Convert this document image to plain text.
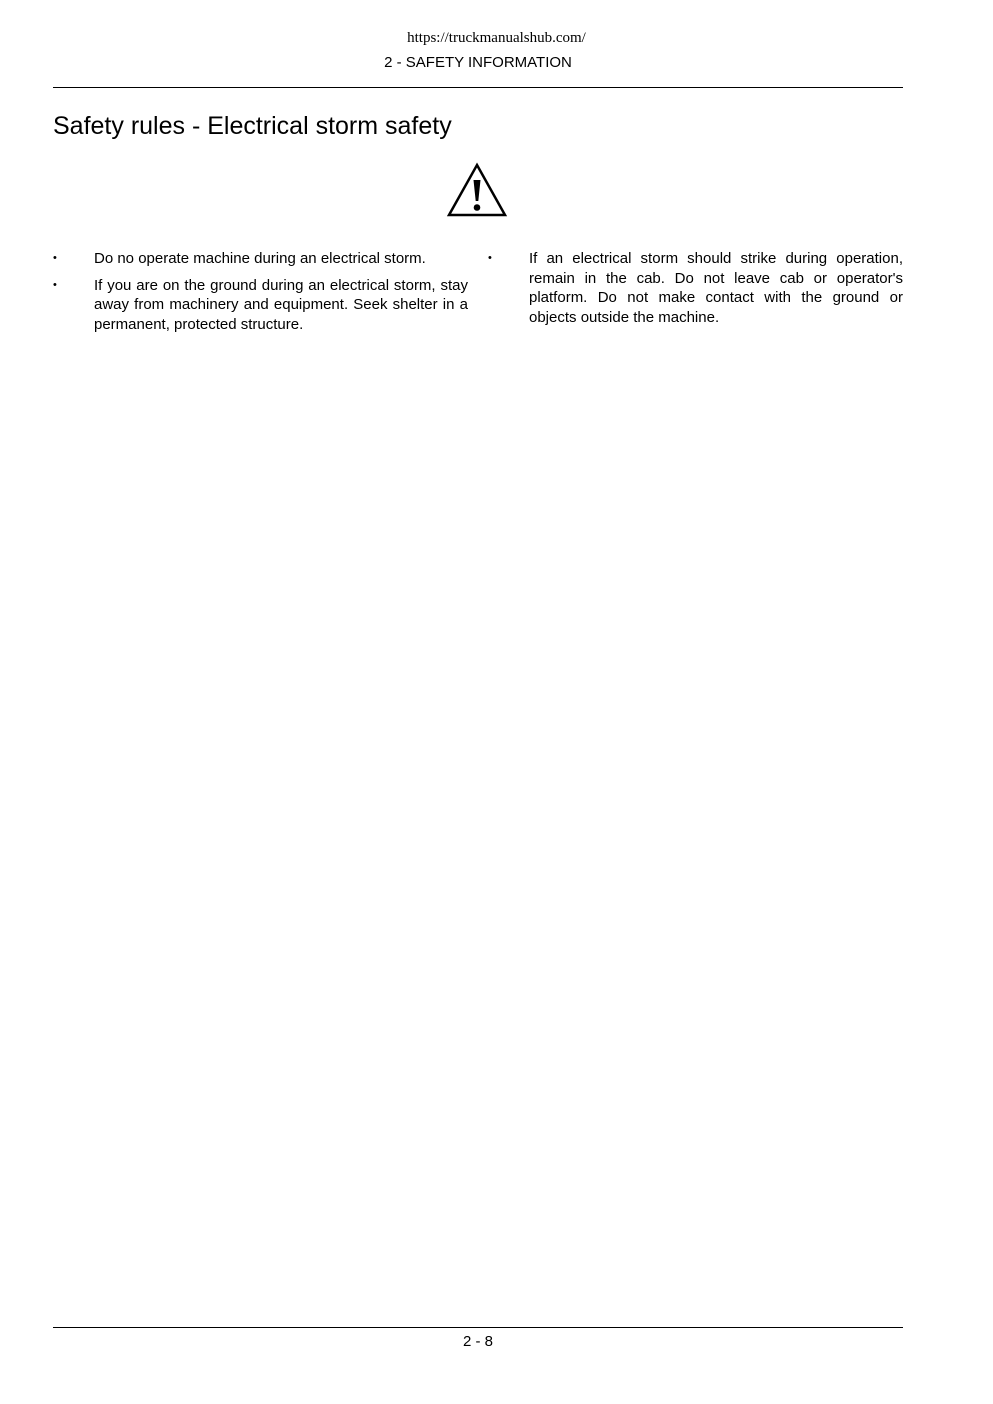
https://truckmanualshub.com/
2 - SAFETY INFORMATION
Safety rules - Electrical storm safety
• Do no operate machine during an electrical storm.
• If you are on the ground during an electrical storm, stay away from machinery and equipment. Seek shelter in a permanent, protected structure.
• If an electrical storm should strike during operation, remain in the cab. Do not leave cab or operator's platform. Do not make contact with the ground or objects outside the machine.
2 - 8
